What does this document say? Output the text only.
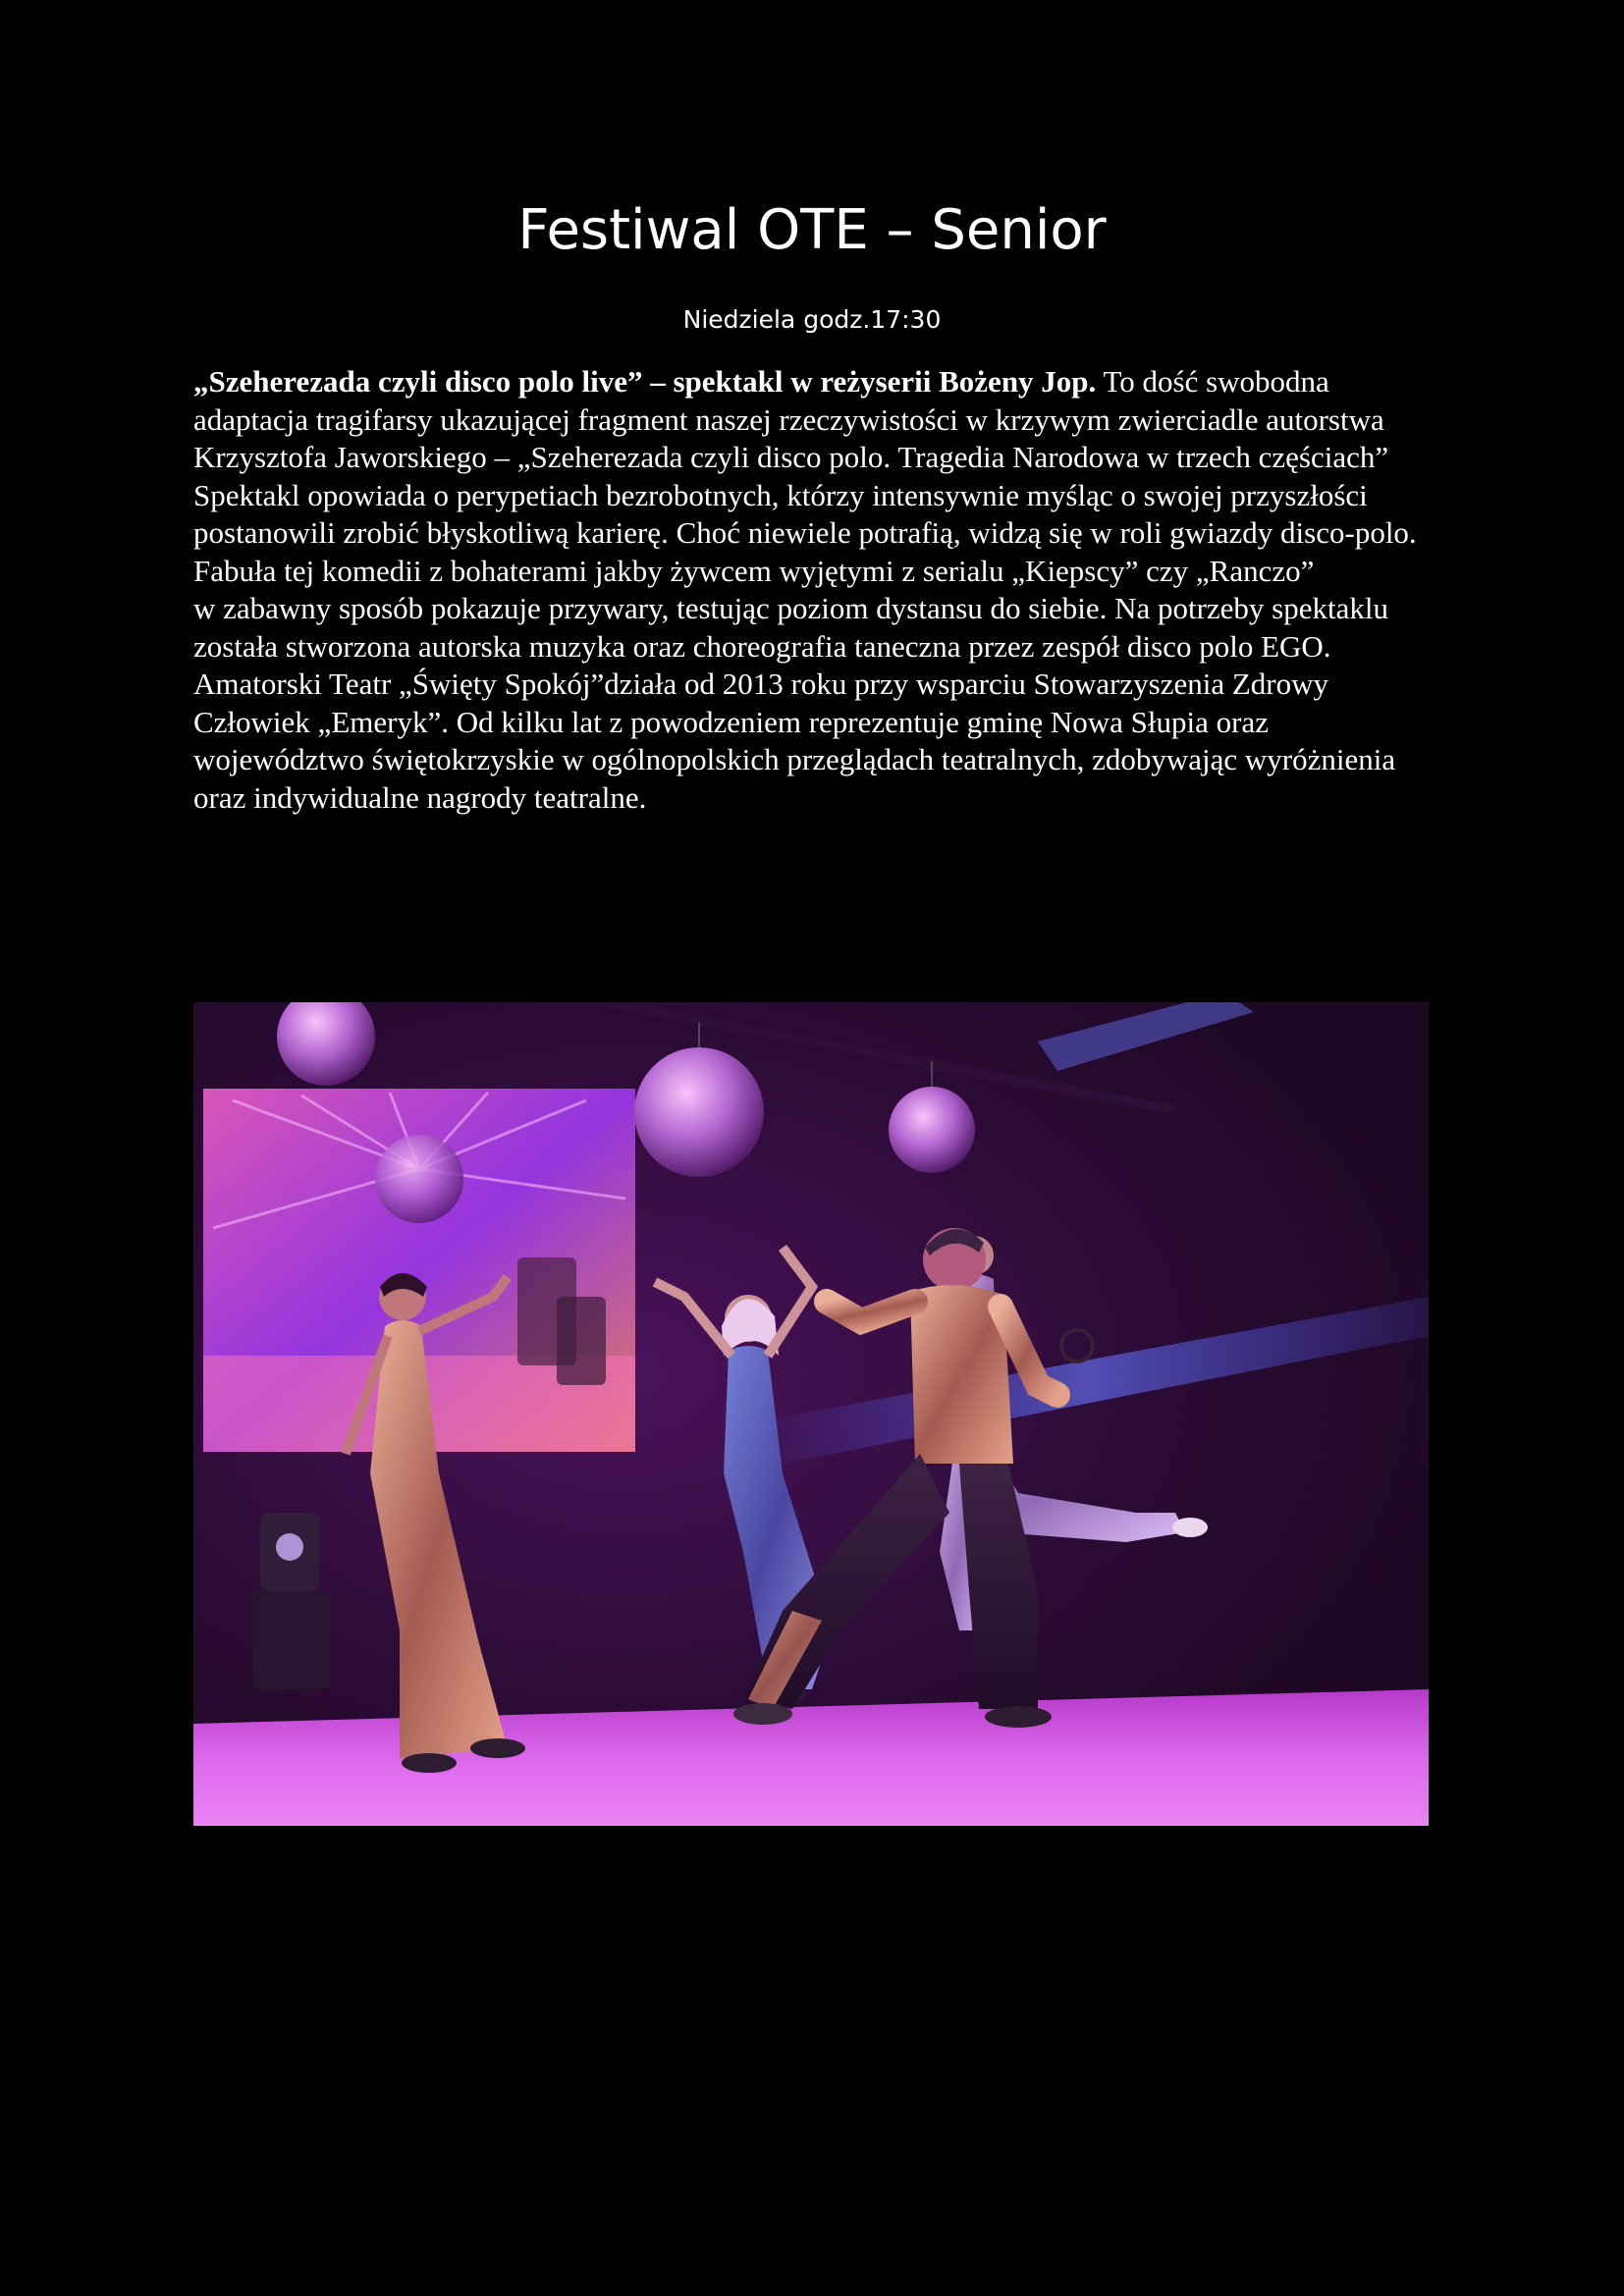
Festiwal OTE – Senior
Niedziela godz.17:30

„Szeherezada czyli disco polo live” – spektakl w reżyserii Bożeny Jop. To dość swobodna adaptacja tragifarsy ukazującej fragment naszej rzeczywistości w krzywym zwierciadle autorstwa Krzysztofa Jaworskiego – „Szeherezada czyli disco polo. Tragedia Narodowa w trzech częściach”

Spektakl opowiada o perypetiach bezrobotnych, którzy intensywnie myśląc o swojej przyszłości postanowili zrobić błyskotliwą karierę. Choć niewiele potrafią, widzą się w roli gwiazdy disco-polo. Fabuła tej komedii z bohaterami jakby żywcem wyjętymi z serialu „Kiepscy” czy „Ranczo”

w zabawny sposób pokazuje przywary, testując poziom dystansu do siebie. Na potrzeby spektaklu została stworzona autorska muzyka oraz choreografia taneczna przez zespół disco polo EGO.

Amatorski Teatr „Święty Spokój”działa od 2013 roku przy wsparciu Stowarzyszenia Zdrowy Człowiek „Emeryk”. Od kilku lat z powodzeniem reprezentuje gminę Nowa Słupia oraz województwo świętokrzyskie w ogólnopolskich przeglądach teatralnych, zdobywając wyróżnienia oraz indywidualne nagrody teatralne.
